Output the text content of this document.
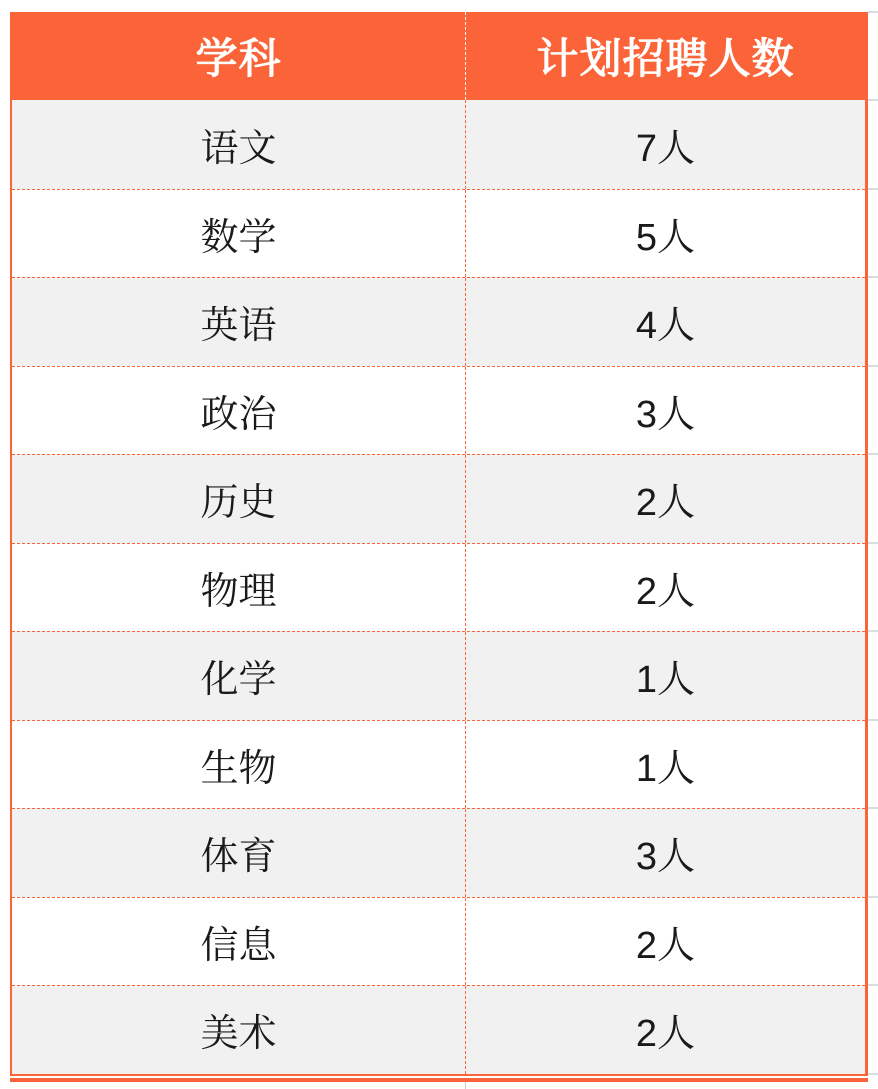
学科	计划招聘人数
语文	7人
数学	5人
英语	4人
政治	3人
历史	2人
物理	2人
化学	1人
生物	1人
体育	3人
信息	2人
美术	2人
